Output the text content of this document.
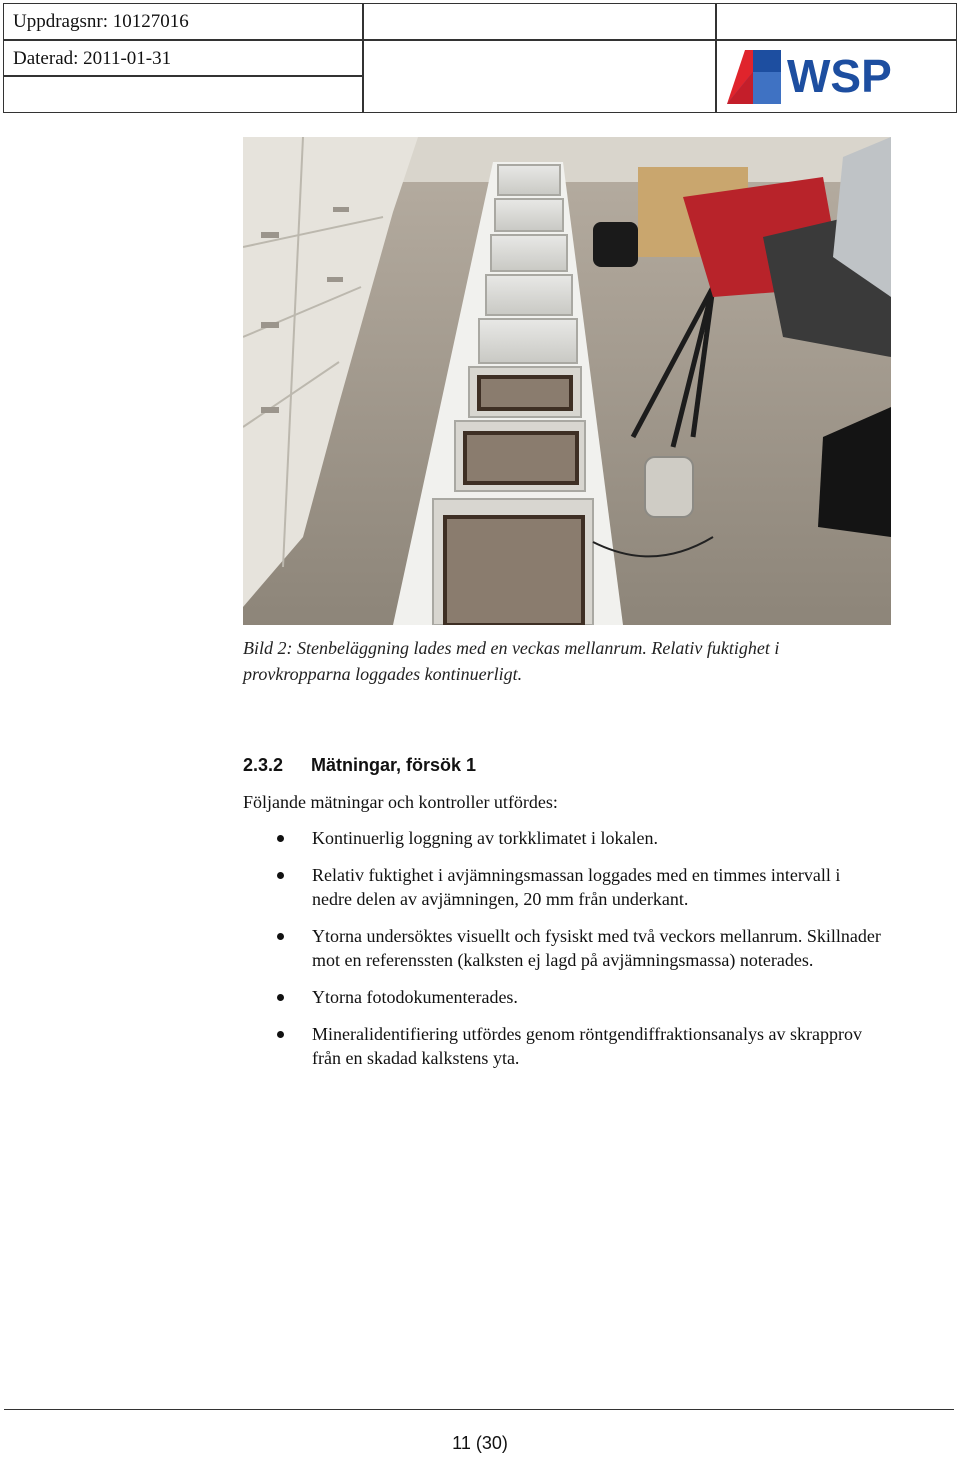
Uppdragsnr: 10127016
Daterad: 2011-01-31	WSP
Bild 2: Stenbeläggning lades med en veckas mellanrum. Relativ fuktighet i provkropparna loggades kontinuerligt.
2.3.2 Mätningar, försök 1
Följande mätningar och kontroller utfördes:
Kontinuerlig loggning av torkklimatet i lokalen.
Relativ fuktighet i avjämningsmassan loggades med en timmes intervall i nedre delen av avjämningen, 20 mm från underkant.
Ytorna undersöktes visuellt och fysiskt med två veckors mellanrum. Skillnader mot en referenssten (kalksten ej lagd på avjämningsmassa) noterades.
Ytorna fotodokumenterades.
Mineralidentifiering utfördes genom röntgendiffraktionsanalys av skrapprov från en skadad kalkstens yta.
11 (30)
